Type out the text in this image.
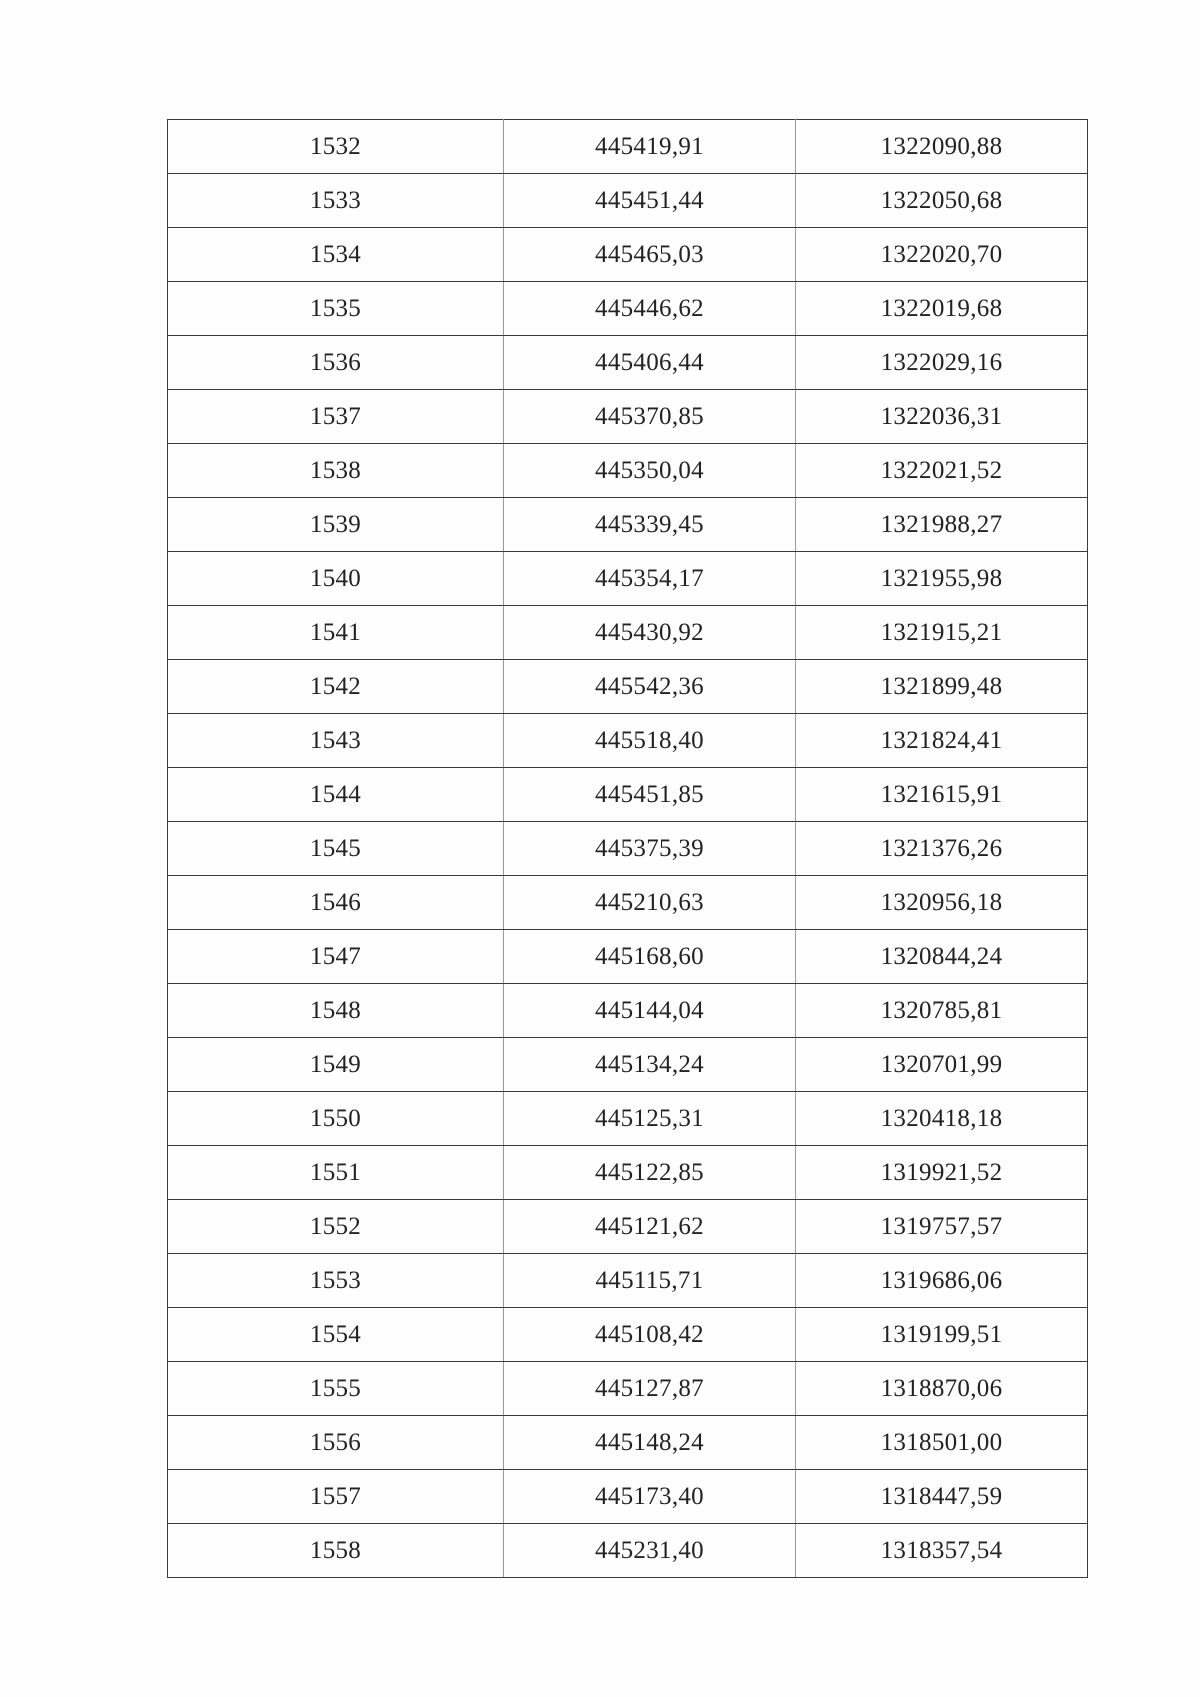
1532	445419,91	1322090,88
1533	445451,44	1322050,68
1534	445465,03	1322020,70
1535	445446,62	1322019,68
1536	445406,44	1322029,16
1537	445370,85	1322036,31
1538	445350,04	1322021,52
1539	445339,45	1321988,27
1540	445354,17	1321955,98
1541	445430,92	1321915,21
1542	445542,36	1321899,48
1543	445518,40	1321824,41
1544	445451,85	1321615,91
1545	445375,39	1321376,26
1546	445210,63	1320956,18
1547	445168,60	1320844,24
1548	445144,04	1320785,81
1549	445134,24	1320701,99
1550	445125,31	1320418,18
1551	445122,85	1319921,52
1552	445121,62	1319757,57
1553	445115,71	1319686,06
1554	445108,42	1319199,51
1555	445127,87	1318870,06
1556	445148,24	1318501,00
1557	445173,40	1318447,59
1558	445231,40	1318357,54
